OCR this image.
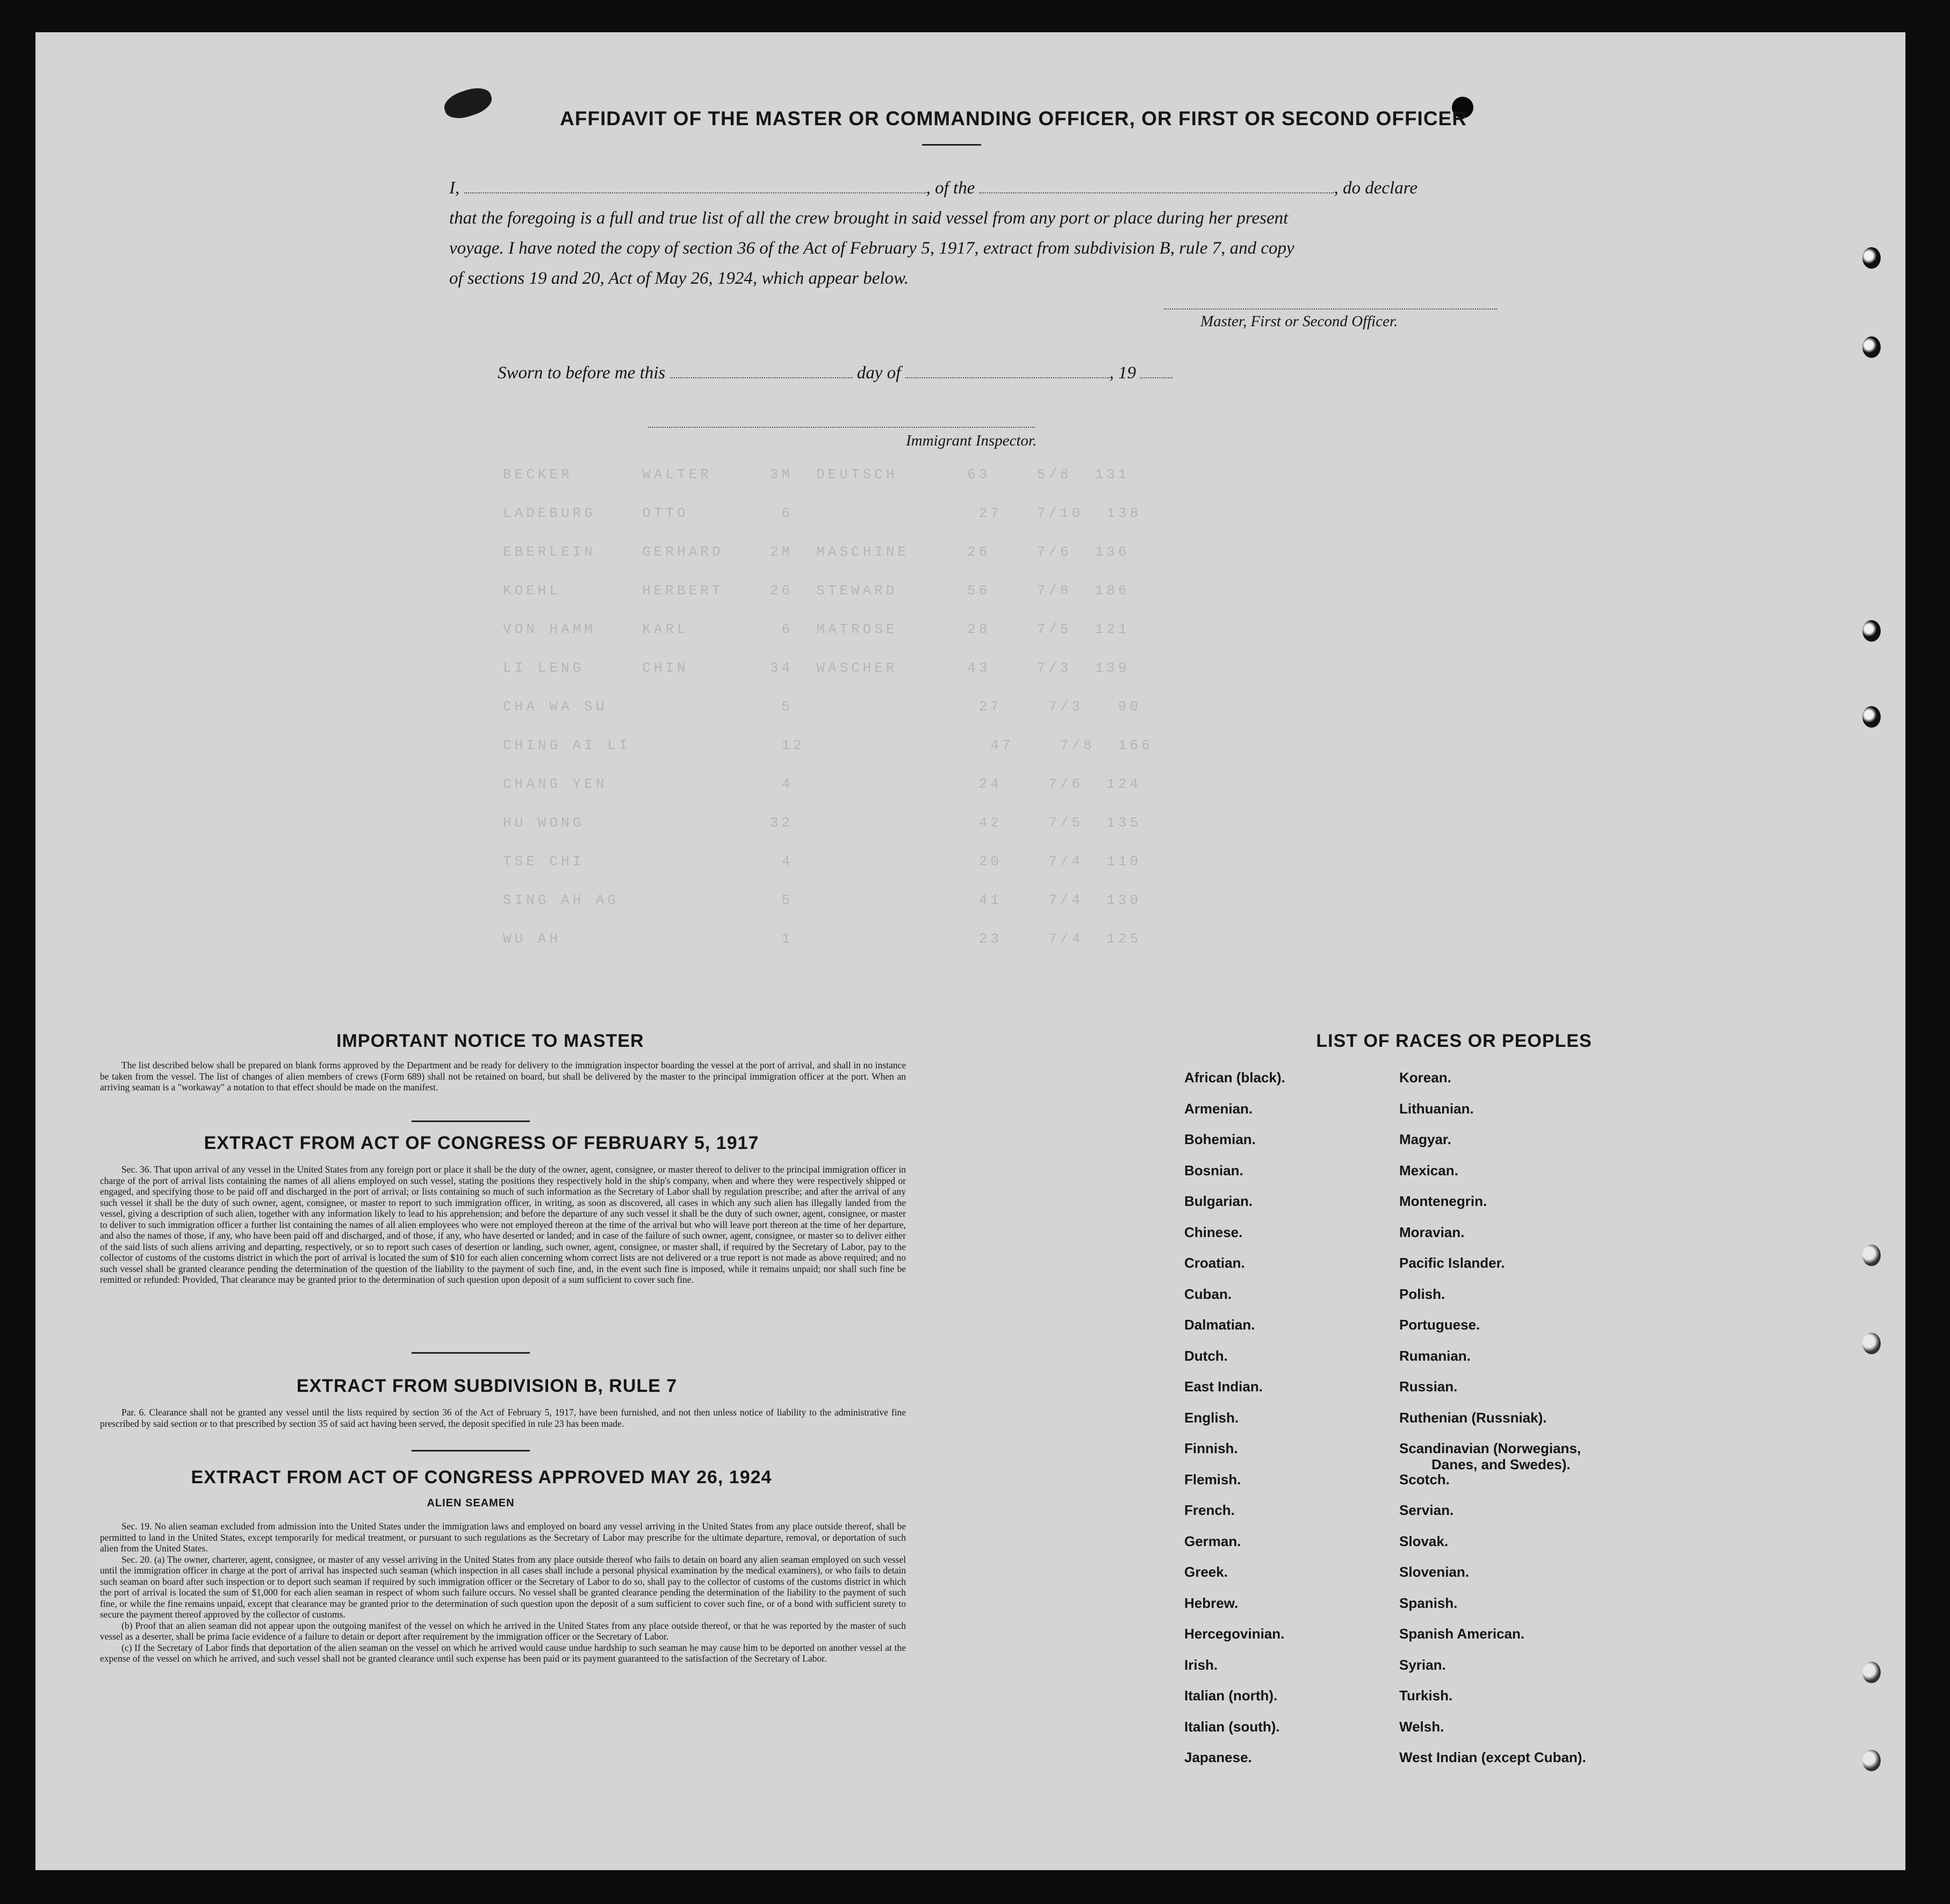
BECKER      WALTER     3M  DEUTSCH      63    5/8  131
LADEBURG    OTTO        6                27   7/10  138
EBERLEIN    GERHARD    2M  MASCHINE     26    7/6  136
KOEHL       HERBERT    26  STEWARD      56    7/8  186
VON HAMM    KARL        6  MATROSE      28    7/5  121
LI LENG     CHIN       34  WASCHER      43    7/3  139
CHA WA SU               5                27    7/3   90
CHING AI LI             12                47    7/8  166
CHANG YEN               4                24    7/6  124
HU WONG                32                42    7/5  135
TSE CHI                 4                20    7/4  110
SING AH AG              5                41    7/4  130
WU AH                   1                23    7/4  125
AFFIDAVIT OF THE MASTER OR COMMANDING OFFICER, OR FIRST OR SECOND OFFICER
I,	, of the	, do declare
that the foregoing is a full and true list of all the crew brought in said vessel from any port or place during her present
voyage. I have noted the copy of section 36 of the Act of February 5, 1917, extract from subdivision B, rule 7, and copy
of sections 19 and 20, Act of May 26, 1924, which appear below.
Master, First or Second Officer.
Sworn to before me this	day of	, 19
Immigrant Inspector.
IMPORTANT NOTICE TO MASTER

The list described below shall be prepared on blank forms approved by the Department and be ready for delivery to the immigration inspector boarding the vessel at the port of arrival, and shall in no instance be taken from the vessel. The list of changes of alien members of crews (Form 689) shall not be retained on board, but shall be delivered by the master to the principal immigration officer at the port. When an arriving seaman is a "workaway" a notation to that effect should be made on the manifest.

EXTRACT FROM ACT OF CONGRESS OF FEBRUARY 5, 1917

Sec. 36. That upon arrival of any vessel in the United States from any foreign port or place it shall be the duty of the owner, agent, consignee, or master thereof to deliver to the principal immigration officer in charge of the port of arrival lists containing the names of all aliens employed on such vessel, stating the positions they respectively hold in the ship's company, when and where they were respectively shipped or engaged, and specifying those to be paid off and discharged in the port of arrival; or lists containing so much of such information as the Secretary of Labor shall by regulation prescribe; and after the arrival of any such vessel it shall be the duty of such owner, agent, consignee, or master to report to such immigration officer, in writing, as soon as discovered, all cases in which any such alien has illegally landed from the vessel, giving a description of such alien, together with any information likely to lead to his apprehension; and before the departure of any such vessel it shall be the duty of such owner, agent, consignee, or master to deliver to such immigration officer a further list containing the names of all alien employees who were not employed thereon at the time of the arrival but who will leave port thereon at the time of her departure, and also the names of those, if any, who have been paid off and discharged, and of those, if any, who have deserted or landed; and in case of the failure of such owner, agent, consignee, or master so to deliver either of the said lists of such aliens arriving and departing, respectively, or so to report such cases of desertion or landing, such owner, agent, consignee, or master shall, if required by the Secretary of Labor, pay to the collector of customs of the customs district in which the port of arrival is located the sum of $10 for each alien concerning whom correct lists are not delivered or a true report is not made as above required; and no such vessel shall be granted clearance pending the determination of the question of the liability to the payment of such fine, and, in the event such fine is imposed, while it remains unpaid; nor shall such fine be remitted or refunded: Provided, That clearance may be granted prior to the determination of such question upon deposit of a sum sufficient to cover such fine.

EXTRACT FROM SUBDIVISION B, RULE 7

Par. 6. Clearance shall not be granted any vessel until the lists required by section 36 of the Act of February 5, 1917, have been furnished, and not then unless notice of liability to the administrative fine prescribed by said section or to that prescribed by section 35 of said act having been served, the deposit specified in rule 23 has been made.

EXTRACT FROM ACT OF CONGRESS APPROVED MAY 26, 1924
ALIEN SEAMEN

Sec. 19. No alien seaman excluded from admission into the United States under the immigration laws and employed on board any vessel arriving in the United States from any place outside thereof, shall be permitted to land in the United States, except temporarily for medical treatment, or pursuant to such regulations as the Secretary of Labor may prescribe for the ultimate departure, removal, or deportation of such alien from the United States.

Sec. 20. (a) The owner, charterer, agent, consignee, or master of any vessel arriving in the United States from any place outside thereof who fails to detain on board any alien seaman employed on such vessel until the immigration officer in charge at the port of arrival has inspected such seaman (which inspection in all cases shall include a personal physical examination by the medical examiners), or who fails to detain such seaman on board after such inspection or to deport such seaman if required by such immigration officer or the Secretary of Labor to do so, shall pay to the collector of customs of the customs district in which the port of arrival is located the sum of $1,000 for each alien seaman in respect of whom such failure occurs. No vessel shall be granted clearance pending the determination of the liability to the payment of such fine, or while the fine remains unpaid, except that clearance may be granted prior to the determination of such question upon the deposit of a sum sufficient to cover such fine, or of a bond with sufficient surety to secure the payment thereof approved by the collector of customs.

(b) Proof that an alien seaman did not appear upon the outgoing manifest of the vessel on which he arrived in the United States from any place outside thereof, or that he was reported by the master of such vessel as a deserter, shall be prima facie evidence of a failure to detain or deport after requirement by the immigration officer or the Secretary of Labor.

(c) If the Secretary of Labor finds that deportation of the alien seaman on the vessel on which he arrived would cause undue hardship to such seaman he may cause him to be deported on another vessel at the expense of the vessel on which he arrived, and such vessel shall not be granted clearance until such expense has been paid or its payment guaranteed to the satisfaction of the Secretary of Labor.

LIST OF RACES OR PEOPLES
African (black).
Armenian.
Bohemian.
Bosnian.
Bulgarian.
Chinese.
Croatian.
Cuban.
Dalmatian.
Dutch.
East Indian.
English.
Finnish.
Flemish.
French.
German.
Greek.
Hebrew.
Hercegovinian.
Irish.
Italian (north).
Italian (south).
Japanese.
Korean.
Lithuanian.
Magyar.
Mexican.
Montenegrin.
Moravian.
Pacific Islander.
Polish.
Portuguese.
Rumanian.
Russian.
Ruthenian (Russniak).
Scandinavian (Norwegians,
Danes, and Swedes).
Scotch.
Servian.
Slovak.
Slovenian.
Spanish.
Spanish American.
Syrian.
Turkish.
Welsh.
West Indian (except Cuban).
